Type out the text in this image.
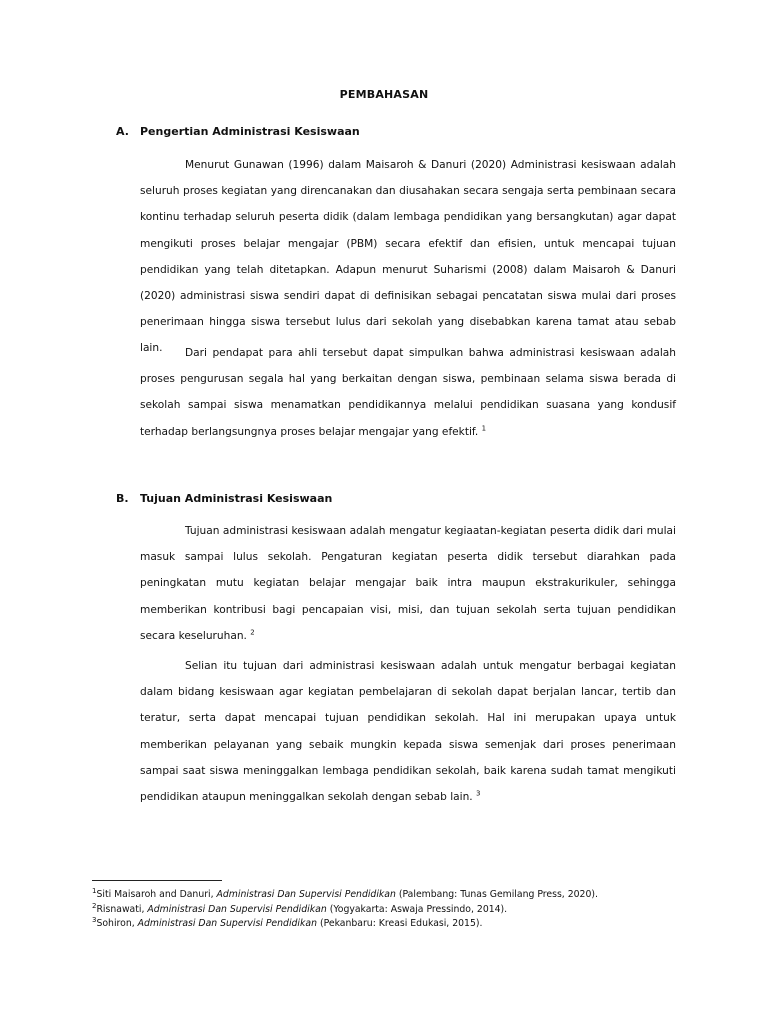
PEMBAHASAN
A. Pengertian Administrasi Kesiswaan

Menurut Gunawan (1996) dalam Maisaroh & Danuri (2020) Administrasi kesiswaan adalah seluruh proses kegiatan yang direncanakan dan diusahakan secara sengaja serta pembinaan secara kontinu terhadap seluruh peserta didik (dalam lembaga pendidikan yang bersangkutan) agar dapat mengikuti proses belajar mengajar (PBM) secara efektif dan efisien, untuk mencapai tujuan pendidikan yang telah ditetapkan. Adapun menurut Suharismi (2008) dalam Maisaroh & Danuri (2020) administrasi siswa sendiri dapat di definisikan sebagai pencatatan siswa mulai dari proses penerimaan hingga siswa tersebut lulus dari sekolah yang disebabkan karena tamat atau sebab lain.	Dari pendapat para ahli tersebut dapat simpulkan bahwa administrasi kesiswaan adalah proses pengurusan segala hal yang berkaitan dengan siswa, pembinaan selama siswa berada di sekolah sampai siswa menamatkan pendidikannya melalui pendidikan suasana yang kondusif terhadap berlangsungnya proses belajar mengajar yang efektif. $^1$

B. Tujuan Administrasi Kesiswaan

Tujuan administrasi kesiswaan adalah mengatur kegiaatan-kegiatan peserta didik dari mulai masuk sampai lulus sekolah. Pengaturan kegiatan peserta didik tersebut diarahkan pada peningkatan mutu kegiatan belajar mengajar baik intra maupun ekstrakurikuler, sehingga memberikan kontribusi bagi pencapaian visi, misi, dan tujuan sekolah serta tujuan pendidikan secara keseluruhan. $^2$

Selian itu tujuan dari administrasi kesiswaan adalah untuk mengatur berbagai kegiatan dalam bidang kesiswaan agar kegiatan pembelajaran di sekolah dapat berjalan lancar, tertib dan teratur, serta dapat mencapai tujuan pendidikan sekolah. Hal ini merupakan upaya untuk memberikan pelayanan yang sebaik mungkin kepada siswa semenjak dari proses penerimaan sampai saat siswa meninggalkan lembaga pendidikan sekolah, baik karena sudah tamat mengikuti pendidikan ataupun meninggalkan sekolah dengan sebab lain. $^3$

$^1$Siti Maisaroh and Danuri, Administrasi Dan Supervisi Pendidikan (Palembang: Tunas Gemilang Press, 2020).
$^2$Risnawati, Administrasi Dan Supervisi Pendidikan (Yogyakarta: Aswaja Pressindo, 2014).
$^3$Sohiron, Administrasi Dan Supervisi Pendidikan (Pekanbaru: Kreasi Edukasi, 2015).
